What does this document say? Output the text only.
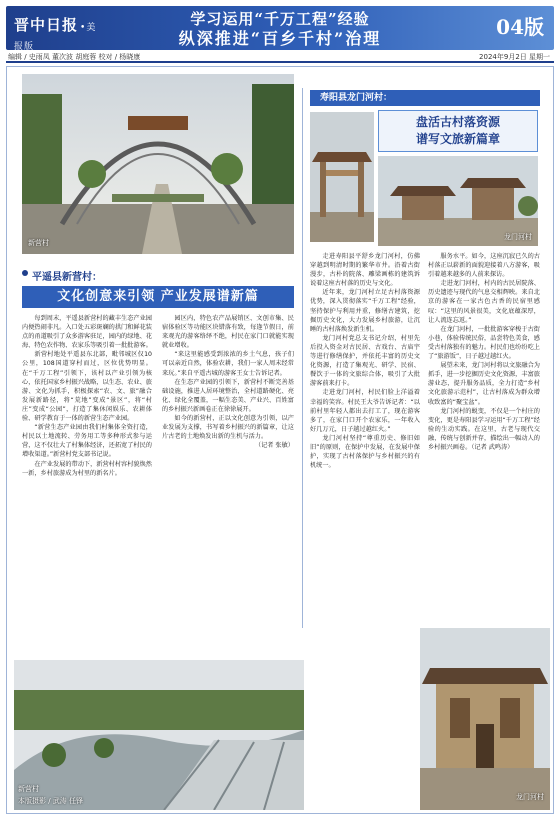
晋中日报 •美报版
学习运用“千万工程”经验
纵深推进“百乡千村”治理	04版
编辑 / 史雨凤 董次波 胡庭蓉 校对 / 杨晓康	2024年9月2日 星期一
新营村
平遥县新营村：
文化创意来引领 产业发展谱新篇

每到周末，平遥县新营村的藏丰生态产业园内便热闹非凡。入口处五彩斑斓的拱门和鲜花装点的甬道吸引了众多游客驻足，园内的绿地、花海、特色农作物、农家乐等吸引着一批批游客。

新营村地处平遥县东北部，毗邻城区仅10公里，108国道穿村而过，区位优势明显。在“千万工程”引领下，该村以产业引领为核心，依托国家乡村振兴战略，以生态、农业、旅游、文化为抓手，积极探索“农、文、旅”融合发展新路径，将“荒地”变成“景区”，将“村庄”变成“公园”，打造了集休闲娱乐、农耕体验、研学教育于一体的新营生态产业园。

“新营生态产业园由我们村集体全资打造，村民以土地流转、劳务用工等多种形式参与运营，这不仅壮大了村集体经济，还拓宽了村民的增收渠道。”新营村党支部书记说。

在产业发展的带动下，新营村村容村貌焕然一新，乡村旅游成为村里的新名片。

园区内，特色农产品展销区、文创市集、民宿体验区等功能区块错落有致，每逢节假日，前来观光的游客络绎不绝，村民在家门口就能实现就业增收。

“来这里能感受到浓浓的乡土气息，孩子们可以亲近自然，体验农耕，我们一家人周末经常来玩。”来自平遥古城的游客王女士告诉记者。

在生态产业园的引领下，新营村不断完善基础设施，推进人居环境整治，全村道路硬化、亮化、绿化全覆盖，一幅生态美、产业兴、百姓富的乡村振兴新画卷正在徐徐展开。

如今的新营村，正以文化创意为引领，以产业发展为支撑，书写着乡村振兴的新篇章，让这片古老的土地焕发出新的生机与活力。

（记者 张敏）

新营村
本版摄影 / 武涛 任锋
寿阳县龙门河村：
盘活古村落资源
谱写文旅新篇章
龙门河村

走进寿阳县平舒乡龙门河村，仿佛穿越到明清时期的繁华市井。沿着古街漫步，古朴的院落、雕梁画栋的建筑诉说着这座古村落的历史与文化。

近年来，龙门河村立足古村落资源优势，深入贯彻落实“千万工程”经验，坚持保护与利用并重，修缮古建筑，挖掘历史文化，大力发展乡村旅游，让沉睡的古村落焕发新生机。

龙门河村党总支书记介绍，村里先后投入资金对古民居、古戏台、古庙宇等进行修缮保护，并依托丰富的历史文化资源，打造了集观光、研学、民宿、餐饮于一体的文旅综合体，吸引了大批游客前来打卡。

走进龙门河村，村民们脸上洋溢着幸福的笑容。村民王大爷告诉记者：“以前村里年轻人都出去打工了，现在游客多了，在家门口开个农家乐，一年收入好几万元，日子越过越红火。”

龙门河村坚持“尊重历史、修旧如旧”的原则，在保护中发展，在发展中保护，实现了古村落保护与乡村振兴的有机统一。

服务水平。如今，这座沉寂已久的古村落正以崭新的面貌迎接着八方游客，吸引着越来越多的人前来探访。

走进龙门河村，村内的古民居院落、历史遗迹与现代的气息交相辉映。来自北京的游客在一家古色古香的民宿里感叹：“这里的风景很美，文化底蕴深厚，让人流连忘返。”

在龙门河村，一批批游客穿梭于古街小巷，体验传统民俗，品尝特色美食，感受古村落独有的魅力。村民们也纷纷吃上了“旅游饭”，日子越过越红火。

展望未来，龙门河村将以文旅融合为抓手，进一步挖掘历史文化资源，丰富旅游业态，提升服务品质，全力打造“乡村文化旅游示范村”，让古村落成为群众增收致富的“聚宝盆”。

龙门河村的蜕变，不仅是一个村庄的变化，更是寿阳县学习运用“千万工程”经验的生动实践。在这里，古老与现代交融，传统与创新并存，描绘出一幅动人的乡村振兴画卷。（记者 武鸣涛）

龙门河村
